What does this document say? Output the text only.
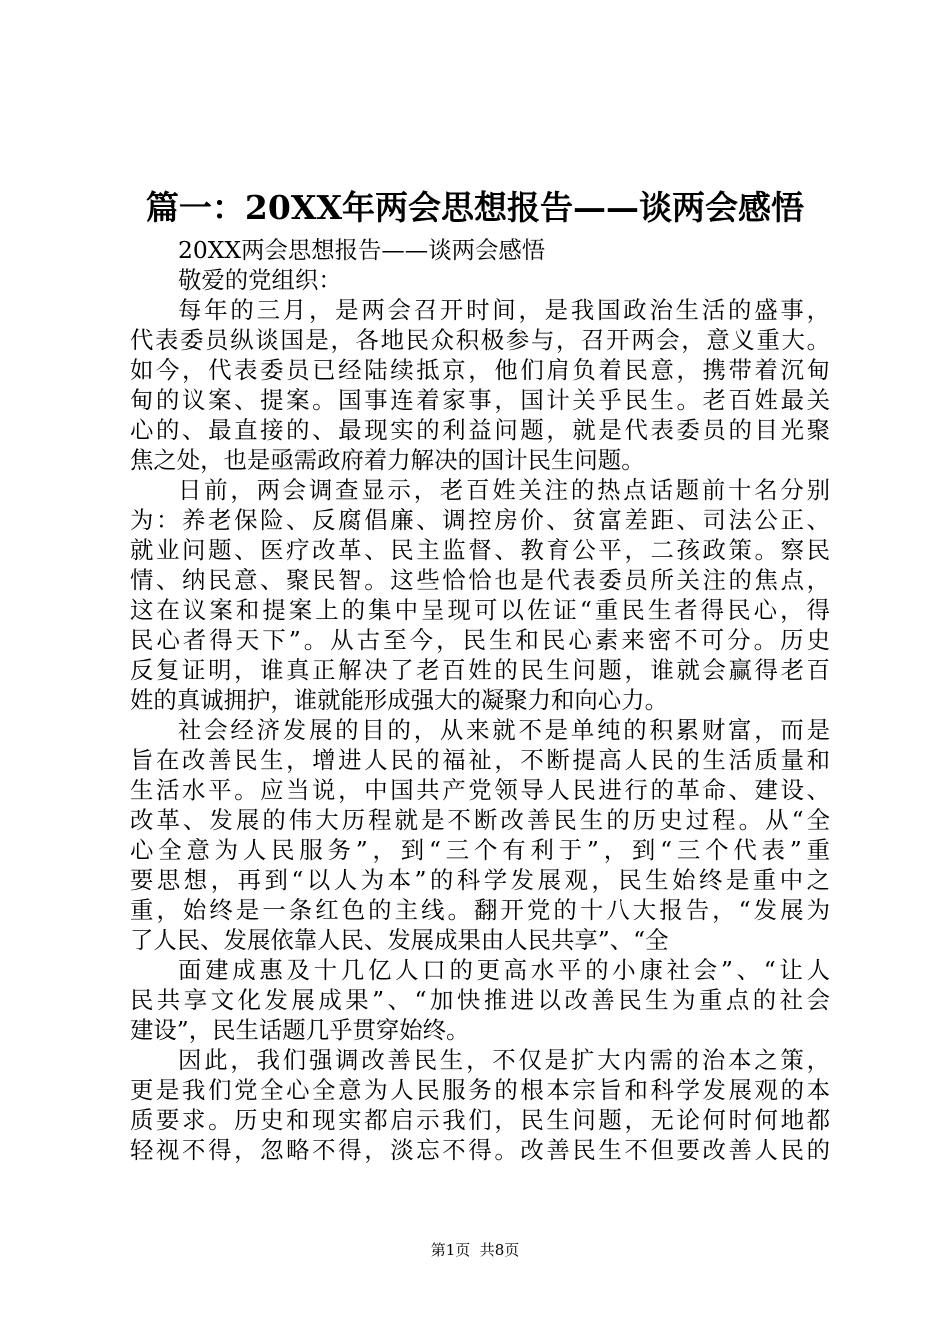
篇一：20XX年两会思想报告——谈两会感悟
20XX两会思想报告——谈两会感悟
敬爱的党组织：
每年的三月，是两会召开时间，是我国政治生活的盛事，
代表委员纵谈国是，各地民众积极参与，召开两会，意义重大。
如今，代表委员已经陆续抵京，他们肩负着民意，携带着沉甸
甸的议案、提案。国事连着家事，国计关乎民生。老百姓最关
心的、最直接的、最现实的利益问题，就是代表委员的目光聚
焦之处，也是亟需政府着力解决的国计民生问题。
日前，两会调查显示，老百姓关注的热点话题前十名分别
为：养老保险、反腐倡廉、调控房价、贫富差距、司法公正、
就业问题、医疗改革、民主监督、教育公平，二孩政策。察民
情、纳民意、聚民智。这些恰恰也是代表委员所关注的焦点，
这在议案和提案上的集中呈现可以佐证“重民生者得民心，得
民心者得天下”。从古至今，民生和民心素来密不可分。历史
反复证明，谁真正解决了老百姓的民生问题，谁就会赢得老百
姓的真诚拥护，谁就能形成强大的凝聚力和向心力。
社会经济发展的目的，从来就不是单纯的积累财富，而是
旨在改善民生，增进人民的福祉，不断提高人民的生活质量和
生活水平。应当说，中国共产党领导人民进行的革命、建设、
改革、发展的伟大历程就是不断改善民生的历史过程。从“全
心全意为人民服务”，到“三个有利于”，到“三个代表”重
要思想，再到“以人为本”的科学发展观，民生始终是重中之
重，始终是一条红色的主线。翻开党的十八大报告，“发展为
了人民、发展依靠人民、发展成果由人民共享”、“全
面建成惠及十几亿人口的更高水平的小康社会”、“让人
民共享文化发展成果”、“加快推进以改善民生为重点的社会
建设”，民生话题几乎贯穿始终。
因此，我们强调改善民生，不仅是扩大内需的治本之策，
更是我们党全心全意为人民服务的根本宗旨和科学发展观的本
质要求。历史和现实都启示我们，民生问题，无论何时何地都
轻视不得，忽略不得，淡忘不得。改善民生不但要改善人民的
第1页  共8页
